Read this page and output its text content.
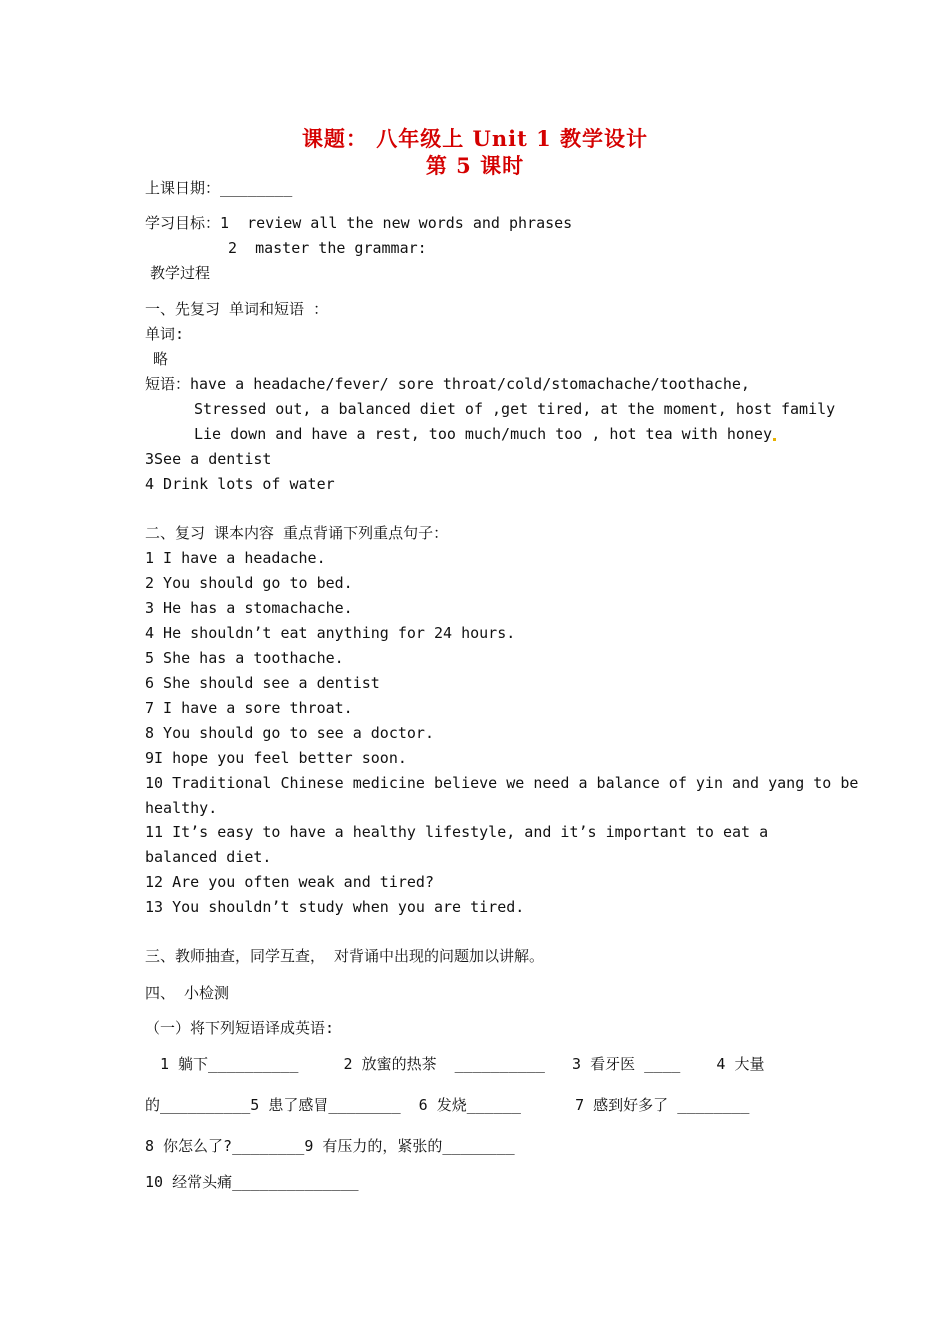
课题： 八年级上 Unit 1 教学设计
第 5 课时
上课日期：________
学习目标：1  review all the new words and phrases
2  master the grammar:
教学过程
一、先复习 单词和短语 ：
单词:
略
短语：have a headache/fever/ sore throat/cold/stomachache/toothache,
Stressed out, a balanced diet of ,get tired, at the moment, host family
Lie down and have a rest, too much/much too , hot tea with honey
3See a dentist
4 Drink lots of water
二、复习 课本内容 重点背诵下列重点句子：
1 I have a headache.
2 You should go to bed.
3 He has a stomachache.
4 He shouldn’t eat anything for 24 hours.
5 She has a toothache.
6 She should see a dentist
7 I have a sore throat.
8 You should go to see a doctor.
9I hope you feel better soon.
10 Traditional Chinese medicine believe we need a balance of yin and yang to be
healthy.
11 It’s easy to have a healthy lifestyle, and it’s important to eat a
balanced diet.
12 Are you often weak and tired?
13 You shouldn’t study when you are tired.
三、教师抽查，同学互查， 对背诵中出现的问题加以讲解。
四、 小检测
（一）将下列短语译成英语:
1 躺下__________     2 放蜜的热茶  __________   3 看牙医 ____    4 大量
的__________5 患了感冒________  6 发烧______      7 感到好多了 ________
8 你怎么了?________9 有压力的，紧张的________
10 经常头痛______________
